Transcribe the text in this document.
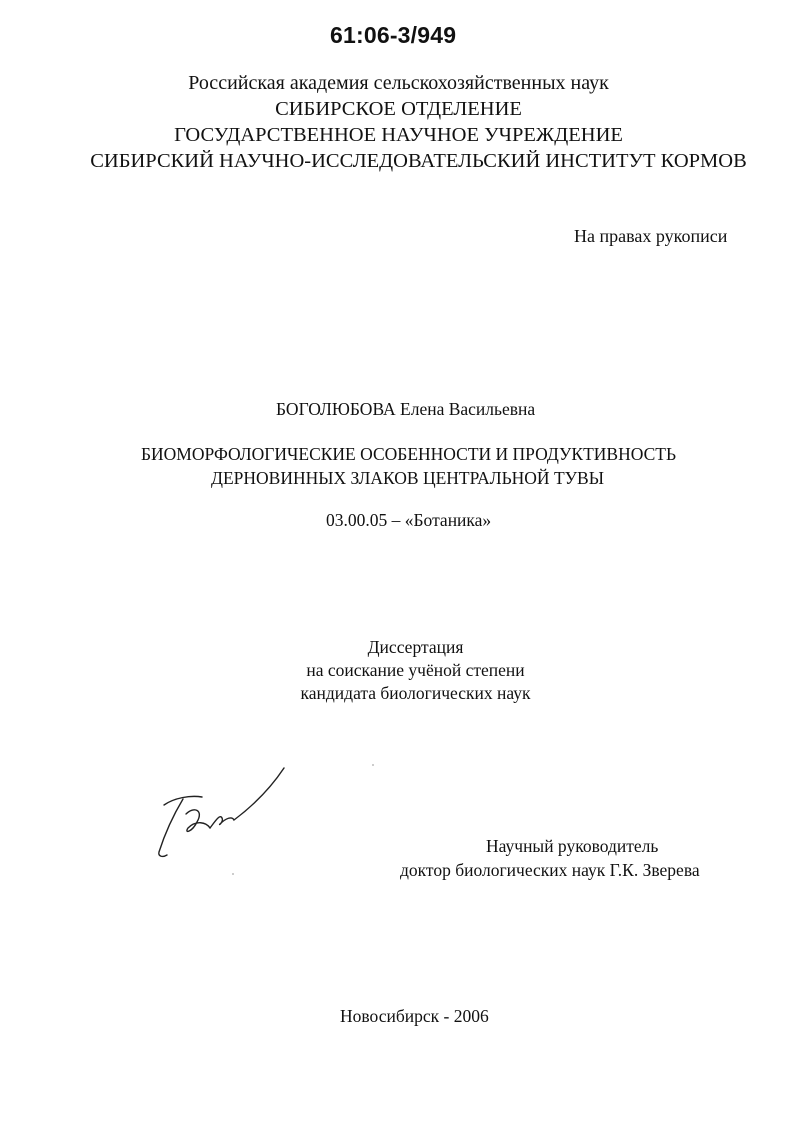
61:06-3/949
Российская академия сельскохозяйственных наук
СИБИРСКОЕ ОТДЕЛЕНИЕ
ГОСУДАРСТВЕННОЕ НАУЧНОЕ УЧРЕЖДЕНИЕ
СИБИРСКИЙ НАУЧНО-ИССЛЕДОВАТЕЛЬСКИЙ ИНСТИТУТ КОРМОВ
На правах рукописи
БОГОЛЮБОВА Елена Васильевна
БИОМОРФОЛОГИЧЕСКИЕ ОСОБЕННОСТИ И ПРОДУКТИВНОСТЬ
ДЕРНОВИННЫХ ЗЛАКОВ ЦЕНТРАЛЬНОЙ ТУВЫ
03.00.05 – «Ботаника»
Диссертация
на соискание учёной степени
кандидата биологических наук
Научный руководитель
доктор биологических наук Г.К. Зверева
Новосибирск - 2006
